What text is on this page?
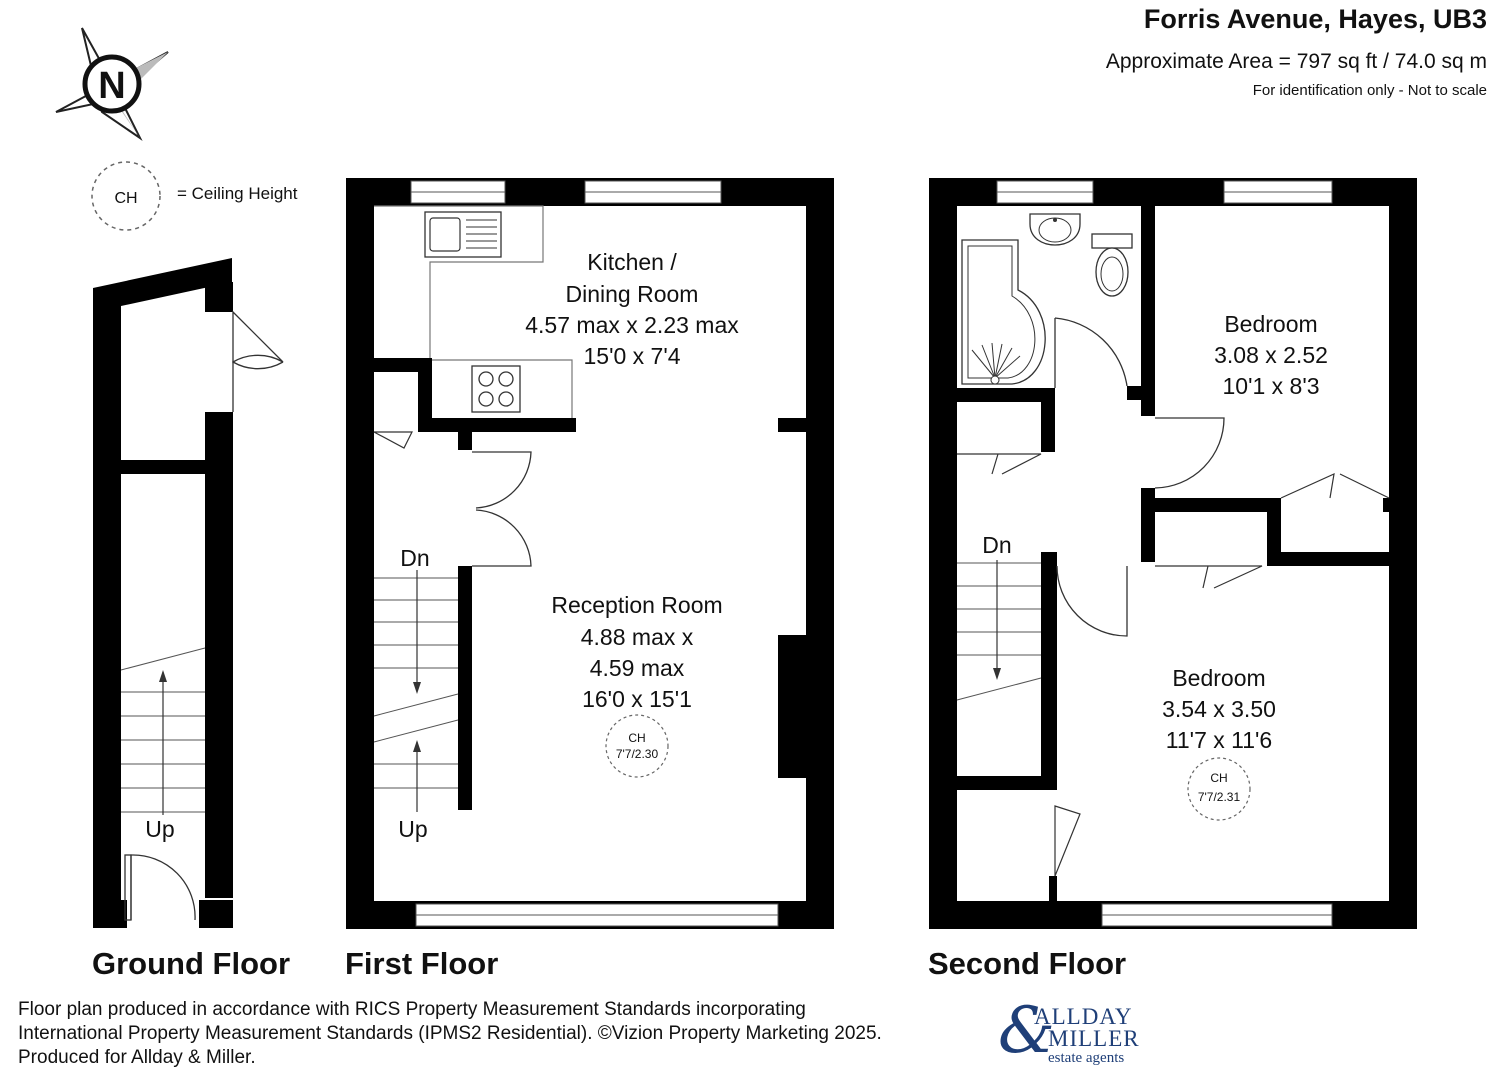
Forris Avenue, Hayes, UB3
Approximate Area = 797 sq ft / 74.0 sq m
For identification only - Not to scale
N
CH = Ceiling Height
Up
Dn
Up
Kitchen /
Dining Room
4.57 max x 2.23 max
15'0 x 7'4
Reception Room
4.88 max x
4.59 max
16'0 x 15'1
CH
7'7/2.30
Dn
Bedroom
3.08 x 2.52
10'1 x 8'3
Bedroom
3.54 x 3.50
11'7 x 11'6
CH
7'7/2.31
Ground Floor First Floor	Second Floor
Floor plan produced in accordance with RICS Property Measurement Standards incorporating
International Property Measurement Standards (IPMS2 Residential). ©Vizion Property Marketing 2025.
Produced for Allday & Miller.	&
ALLDAY
MILLER
estate agents
